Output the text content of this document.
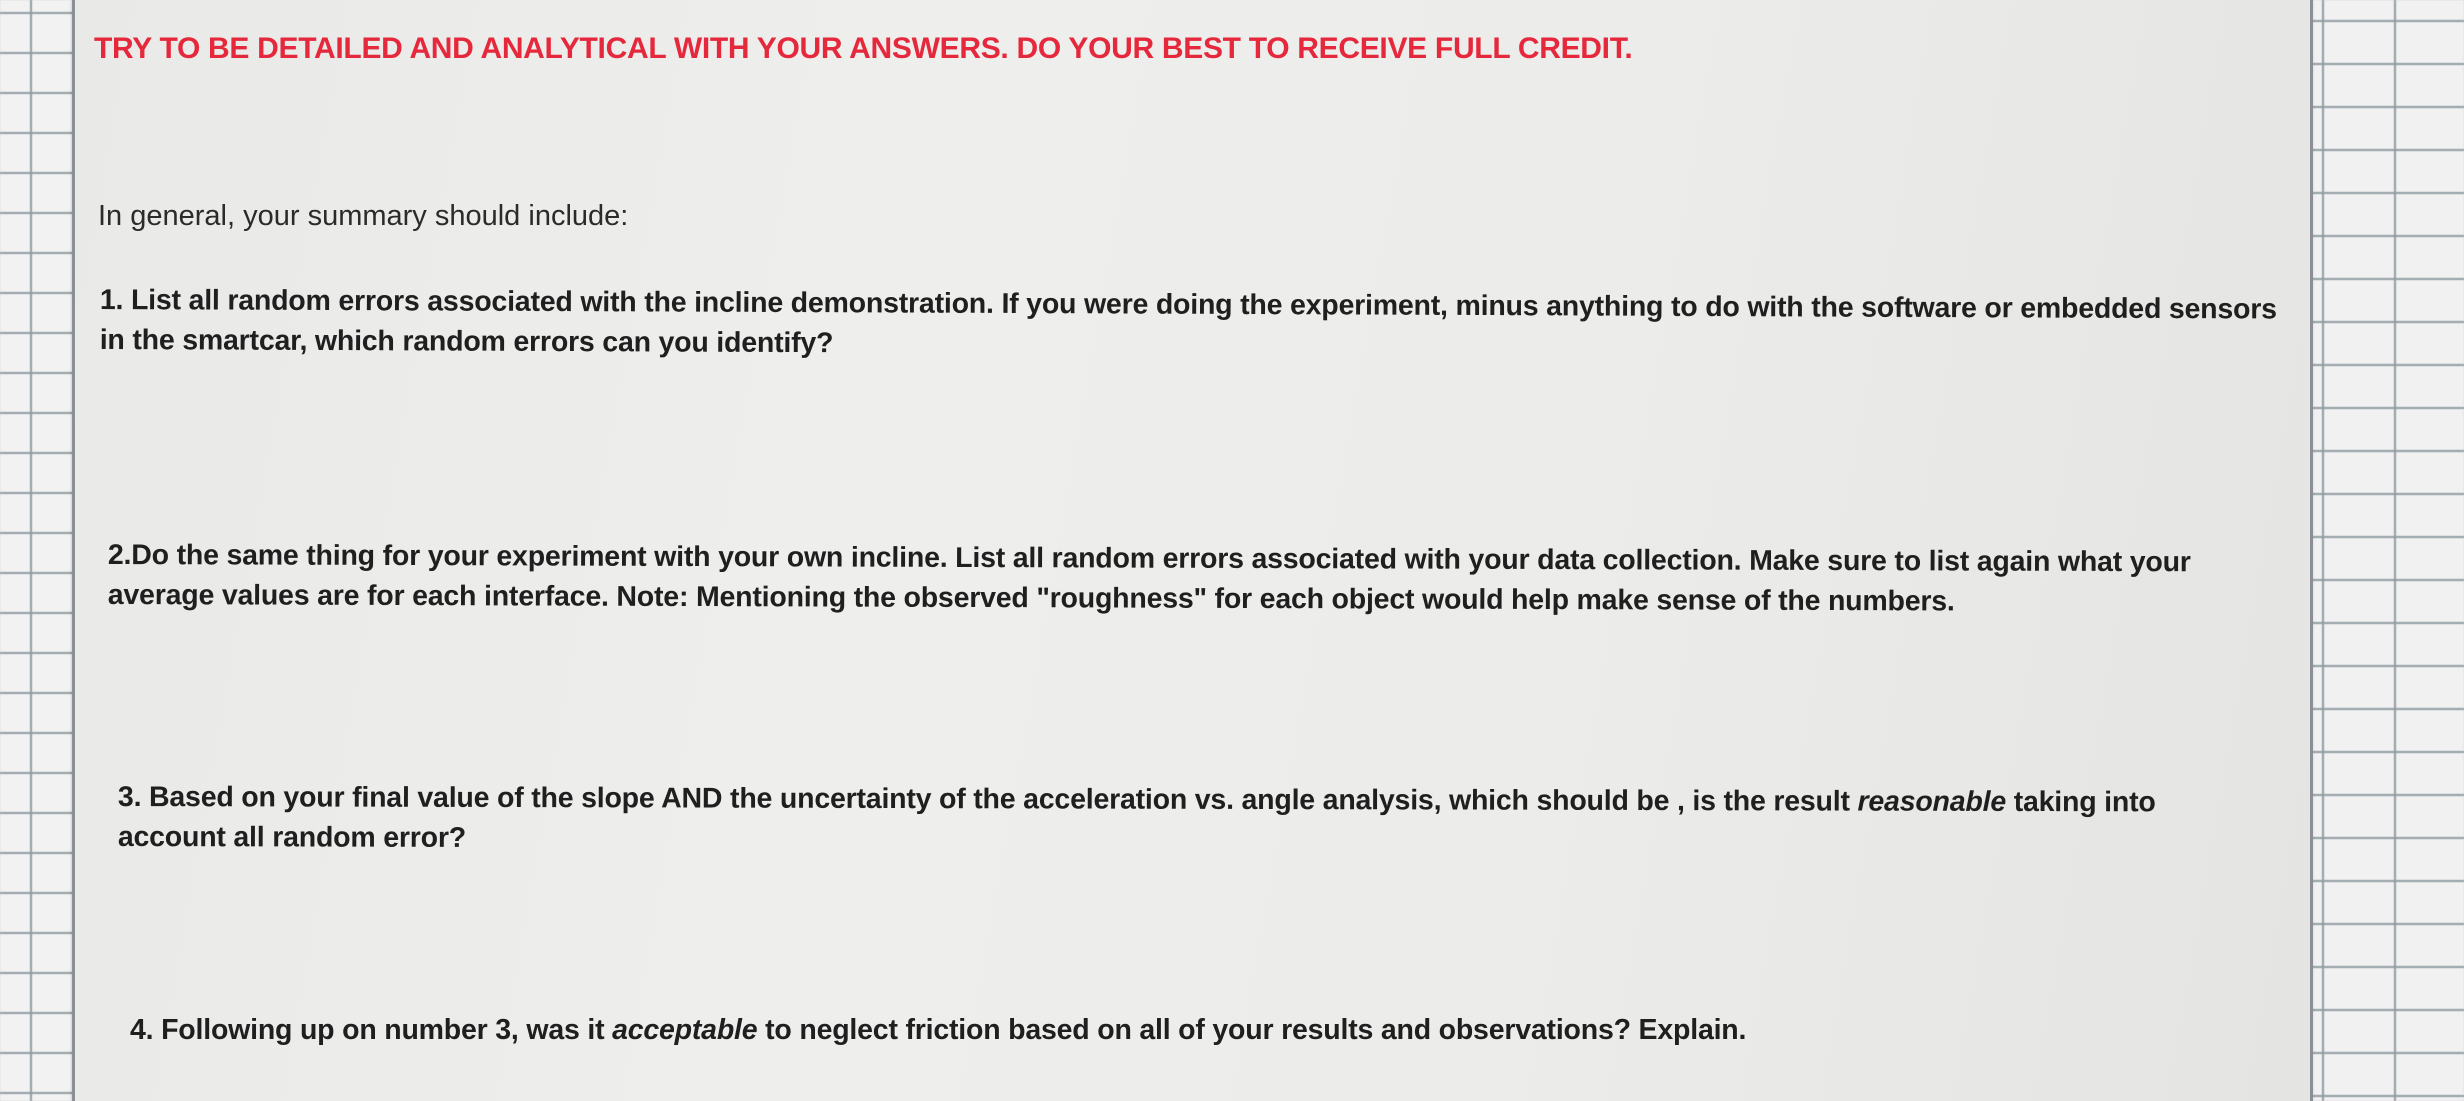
TRY TO BE DETAILED AND ANALYTICAL WITH YOUR ANSWERS. DO YOUR BEST TO RECEIVE FULL CREDIT.

In general, your summary should include:

1. List all random errors associated with the incline demonstration. If you were doing the experiment, minus anything to do with the software or embedded sensors in the smartcar, which random errors can you identify?

2.Do the same thing for your experiment with your own incline. List all random errors associated with your data collection. Make sure to list again what your average values are for each interface. Note: Mentioning the observed "roughness" for each object would help make sense of the numbers.

3. Based on your final value of the slope AND the uncertainty of the acceleration vs. angle analysis, which should be , is the result reasonable taking into account all random error?

4. Following up on number 3, was it acceptable to neglect friction based on all of your results and observations? Explain.
